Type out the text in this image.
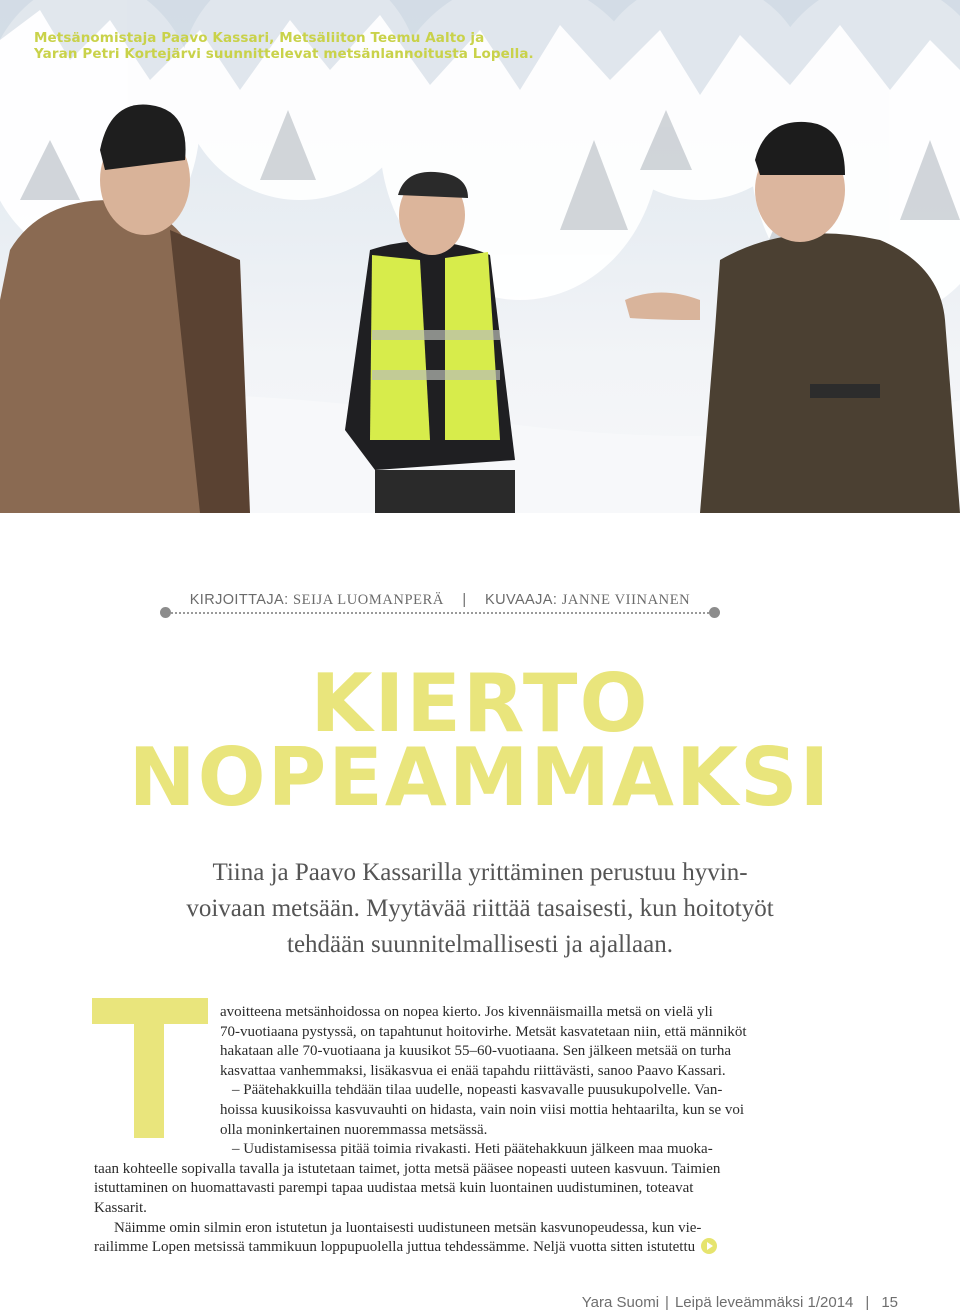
Metsänomistaja Paavo Kassari, Metsäliiton Teemu Aalto ja
Yaran Petri Kortejärvi suunnittelevat metsänlannoitusta Lopella.
KIRJOITTAJA: SEIJA LUOMANPERÄ | KUVAAJA: JANNE VIINANEN
KIERTO
NOPEAMMAKSI
Tiina ja Paavo Kassarilla yrittäminen perustuu hyvin-
voivaan metsään. Myytävää riittää tasaisesti, kun hoitotyöt
tehdään suunnitelmallisesti ja ajallaan.
avoitteena metsänhoidossa on nopea kierto. Jos kivennäismailla metsä on vielä yli
70-vuotiaana pystyssä, on tapahtunut hoitovirhe. Metsät kasvatetaan niin, että männiköt
hakataan alle 70-vuotiaana ja kuusikot 55–60-vuotiaana. Sen jälkeen metsää on turha
kasvattaa vanhemmaksi, lisäkasvua ei enää tapahdu riittävästi, sanoo Paavo Kassari.
– Päätehakkuilla tehdään tilaa uudelle, nopeasti kasvavalle puusukupolvelle. Van-
hoissa kuusikoissa kasvuvauhti on hidasta, vain noin viisi mottia hehtaarilta, kun se voi
olla moninkertainen nuoremmassa metsässä.
– Uudistamisessa pitää toimia rivakasti. Heti päätehakkuun jälkeen maa muoka-
taan kohteelle sopivalla tavalla ja istutetaan taimet, jotta metsä pääsee nopeasti uuteen kasvuun. Taimien
istuttaminen on huomattavasti parempi tapaa uudistaa metsä kuin luontainen uudistuminen, toteavat
Kassarit.
Näimme omin silmin eron istutetun ja luontaisesti uudistuneen metsän kasvunopeudessa, kun vie-
railimme Lopen metsissä tammikuun loppupuolella juttua tehdessämme. Neljä vuotta sitten istutettu
Yara Suomi | Leipä leveämmäksi 1/2014 | 15
